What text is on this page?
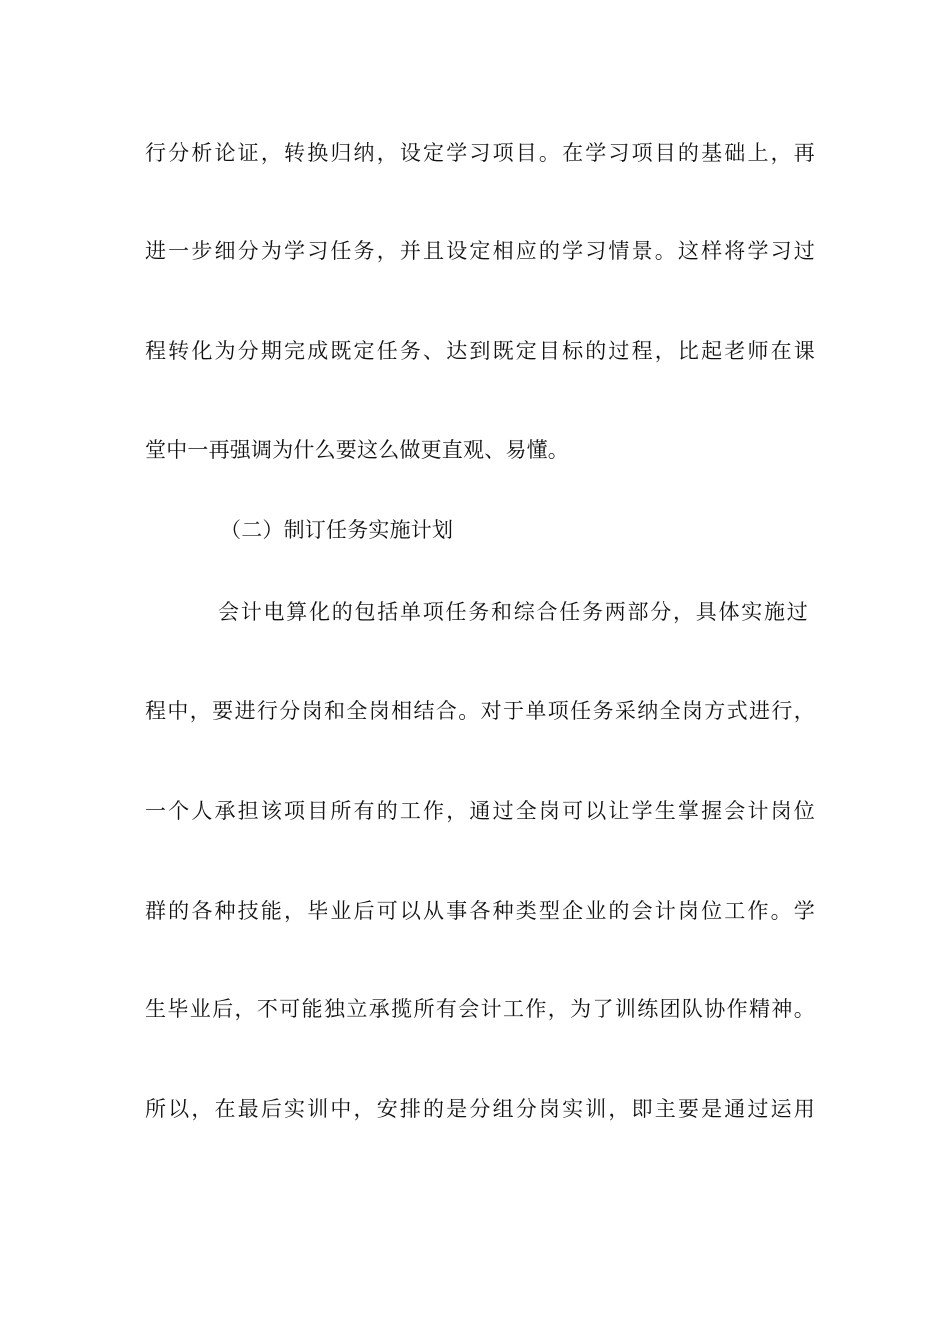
行分析论证，转换归纳，设定学习项目。在学习项目的基础上，再

进一步细分为学习任务，并且设定相应的学习情景。这样将学习过

程转化为分期完成既定任务、达到既定目标的过程，比起老师在课

堂中一再强调为什么要这么做更直观、易懂。

（二）制订任务实施计划

会计电算化的包括单项任务和综合任务两部分，具体实施过

程中，要进行分岗和全岗相结合。对于单项任务采纳全岗方式进行，

一个人承担该项目所有的工作，通过全岗可以让学生掌握会计岗位

群的各种技能，毕业后可以从事各种类型企业的会计岗位工作。学

生毕业后，不可能独立承揽所有会计工作，为了训练团队协作精神。

所以，在最后实训中，安排的是分组分岗实训，即主要是通过运用
